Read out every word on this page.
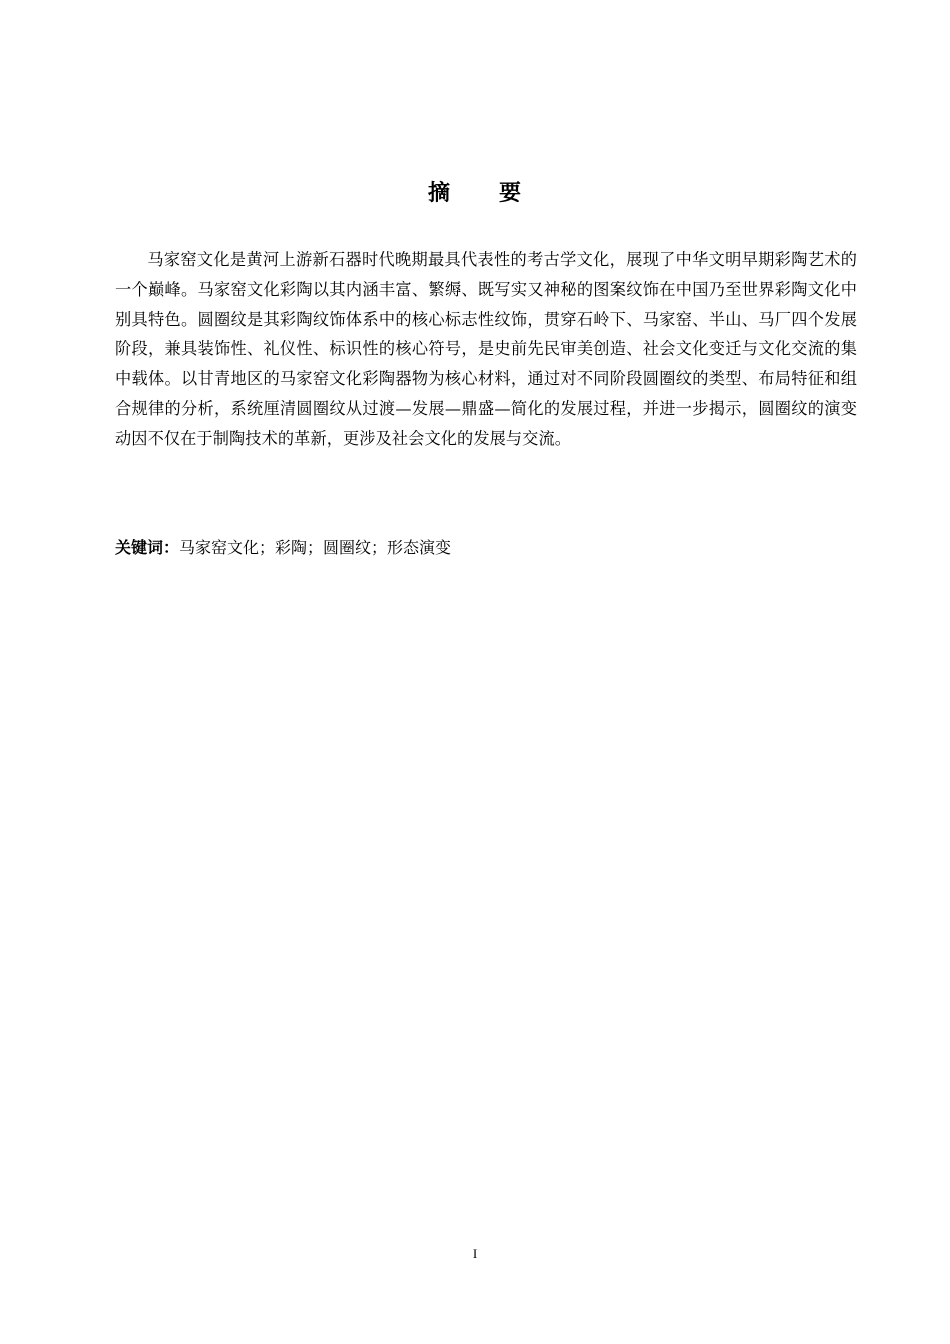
摘 要

马家窑文化是黄河上游新石器时代晚期最具代表性的考古学文化，展现了中华文明早期彩陶艺术的一个巅峰。马家窑文化彩陶以其内涵丰富、繁缛、既写实又神秘的图案纹饰在中国乃至世界彩陶文化中别具特色。圆圈纹是其彩陶纹饰体系中的核心标志性纹饰，贯穿石岭下、马家窑、半山、马厂四个发展阶段，兼具装饰性、礼仪性、标识性的核心符号，是史前先民审美创造、社会文化变迁与文化交流的集中载体。以甘青地区的马家窑文化彩陶器物为核心材料，通过对不同阶段圆圈纹的类型、布局特征和组合规律的分析，系统厘清圆圈纹从过渡—发展—鼎盛—简化的发展过程，并进一步揭示，圆圈纹的演变动因不仅在于制陶技术的革新，更涉及社会文化的发展与交流。

关键词：马家窑文化；彩陶；圆圈纹；形态演变
I
